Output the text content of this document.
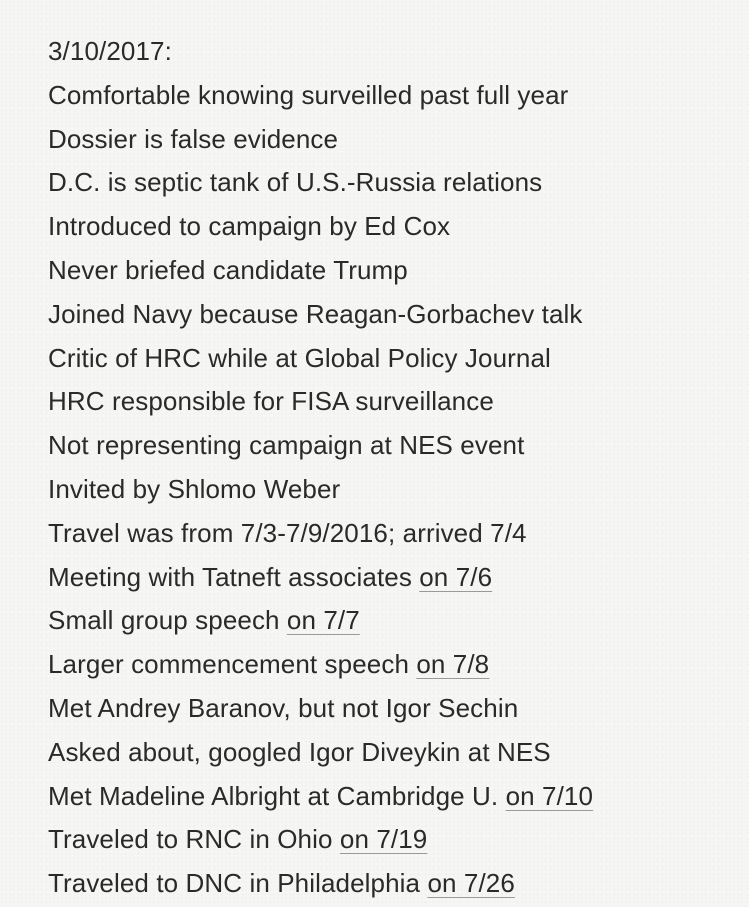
3/10/2017:
Comfortable knowing surveilled past full year
Dossier is false evidence
D.C. is septic tank of U.S.-Russia relations
Introduced to campaign by Ed Cox
Never briefed candidate Trump
Joined Navy because Reagan-Gorbachev talk
Critic of HRC while at Global Policy Journal
HRC responsible for FISA surveillance
Not representing campaign at NES event
Invited by Shlomo Weber
Travel was from 7/3-7/9/2016; arrived 7/4
Meeting with Tatneft associates on 7/6
Small group speech on 7/7
Larger commencement speech on 7/8
Met Andrey Baranov, but not Igor Sechin
Asked about, googled Igor Diveykin at NES
Met Madeline Albright at Cambridge U. on 7/10
Traveled to RNC in Ohio on 7/19
Traveled to DNC in Philadelphia on 7/26
